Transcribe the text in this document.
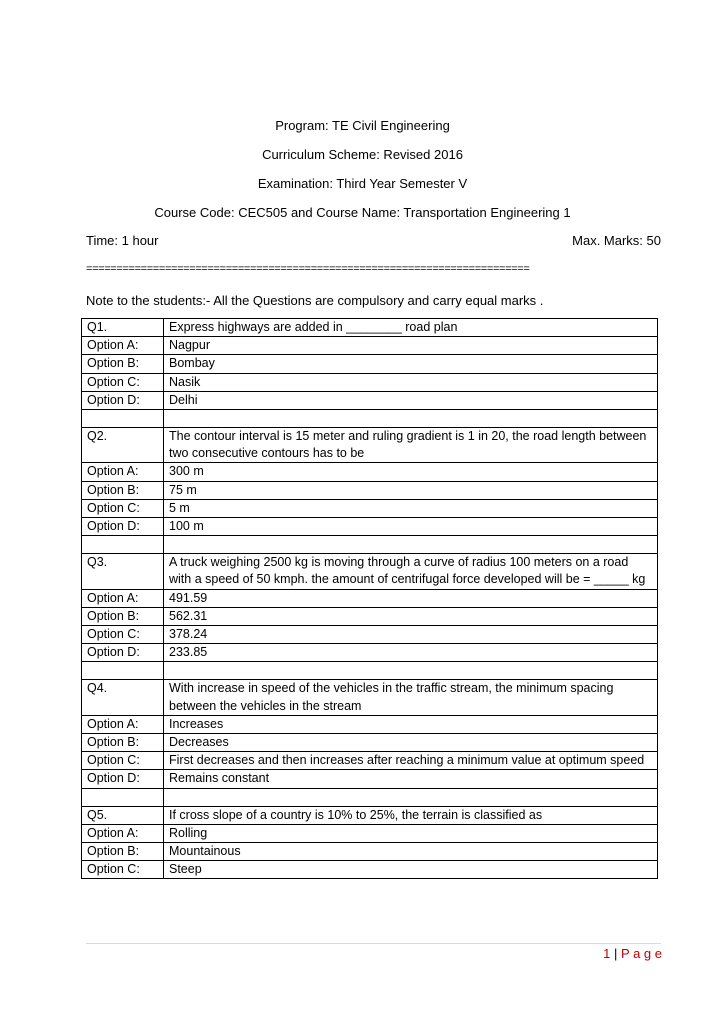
Program: TE Civil Engineering
Curriculum Scheme: Revised 2016
Examination: Third Year Semester V
Course Code: CEC505 and Course Name: Transportation Engineering 1
Time: 1 hour	Max. Marks: 50
=========================================================================
Note to the students:- All the Questions are compulsory and carry equal marks .
Q1.	Express highways are added in ________ road plan
Option A:	Nagpur
Option B:	Bombay
Option C:	Nasik
Option D:	Delhi

Q2.	The contour interval is 15 meter and ruling gradient is 1 in 20, the road length between two consecutive contours has to be
Option A:	300 m
Option B:	75 m
Option C:	5 m
Option D:	100 m

Q3.	A truck weighing 2500 kg is moving through a curve of radius 100 meters on a road with a speed of 50 kmph. the amount of centrifugal force developed will be = _____ kg
Option A:	491.59
Option B:	562.31
Option C:	378.24
Option D:	233.85

Q4.	With increase in speed of the vehicles in the traffic stream, the minimum spacing between the vehicles in the stream
Option A:	Increases
Option B:	Decreases
Option C:	First decreases and then increases after reaching a minimum value at optimum speed
Option D:	Remains constant

Q5.	If cross slope of a country is 10% to 25%, the terrain is classified as
Option A:	Rolling
Option B:	Mountainous
Option C:	Steep
1 | P a g e
